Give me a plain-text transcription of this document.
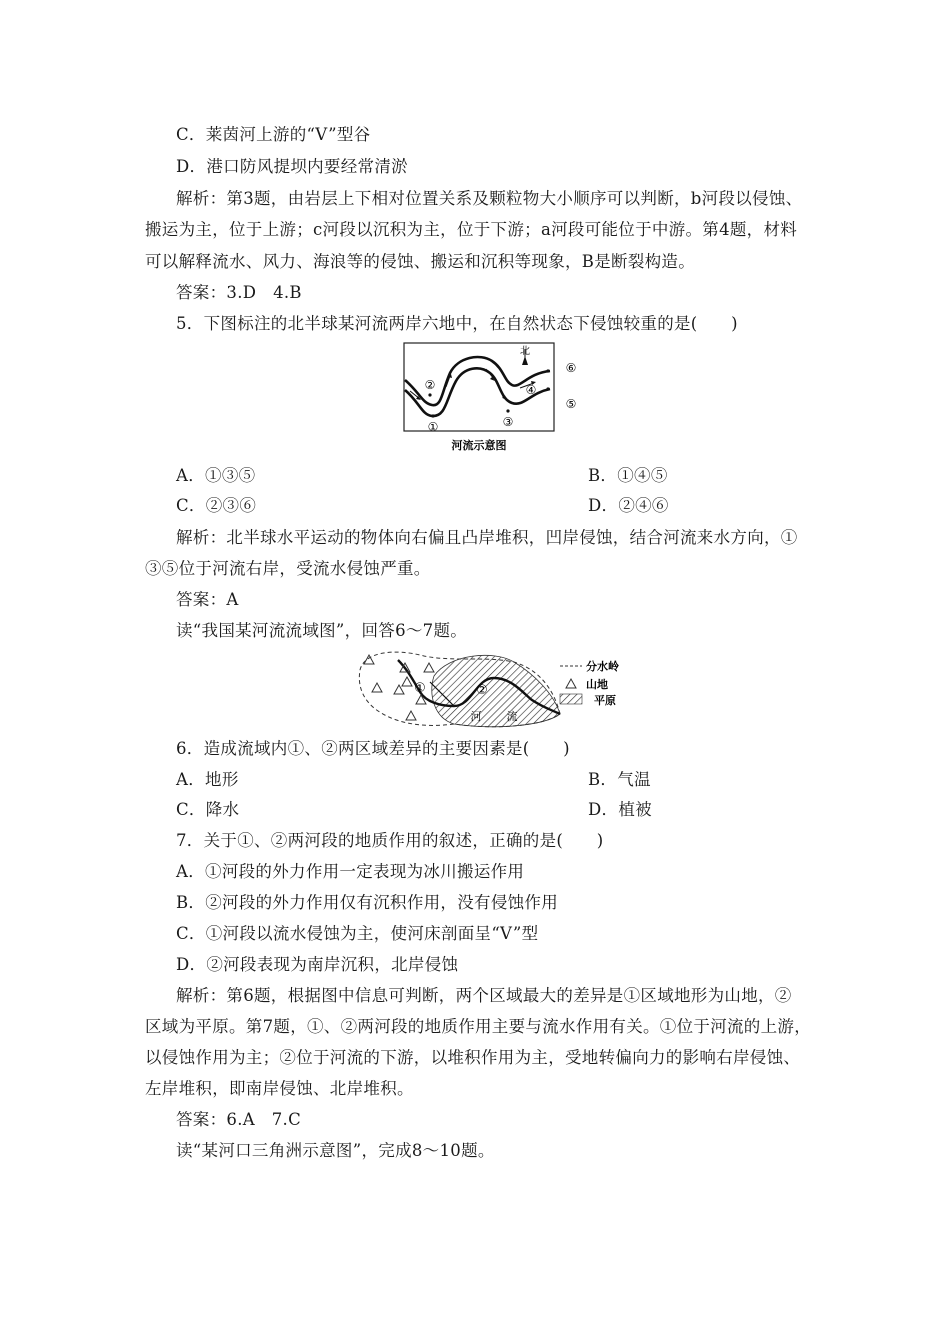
C．莱茵河上游的“V”型谷
D．港口防风提坝内要经常清淤
解析：第3题，由岩层上下相对位置关系及颗粒物大小顺序可以判断，b河段以侵蚀、
搬运为主，位于上游；c河段以沉积为主，位于下游；a河段可能位于中游。第4题，材料
可以解释流水、风力、海浪等的侵蚀、搬运和沉积等现象，B是断裂构造。
答案：3.D　4.B
5．下图标注的北半球某河流两岸六地中，在自然状态下侵蚀较重的是(　　)
北
②
①
④
③
⑥
⑤
河流示意图
A．①③⑤	B．①④⑤
C．②③⑥	D．②④⑥
解析：北半球水平运动的物体向右偏且凸岸堆积，凹岸侵蚀，结合河流来水方向，①
③⑤位于河流右岸，受流水侵蚀严重。
答案：A
读“我国某河流流域图”，回答6～7题。
①	②
河 流
分水岭
山地
平原
6．造成流域内①、②两区域差异的主要因素是(　　)
A．地形	B．气温
C．降水	D．植被
7．关于①、②两河段的地质作用的叙述，正确的是(　　)
A．①河段的外力作用一定表现为冰川搬运作用
B．②河段的外力作用仅有沉积作用，没有侵蚀作用
C．①河段以流水侵蚀为主，使河床剖面呈“V”型
D．②河段表现为南岸沉积，北岸侵蚀
解析：第6题，根据图中信息可判断，两个区域最大的差异是①区域地形为山地，②
区域为平原。第7题，①、②两河段的地质作用主要与流水作用有关。①位于河流的上游，
以侵蚀作用为主；②位于河流的下游，以堆积作用为主，受地转偏向力的影响右岸侵蚀、
左岸堆积，即南岸侵蚀、北岸堆积。
答案：6.A　7.C
读“某河口三角洲示意图”，完成8～10题。
